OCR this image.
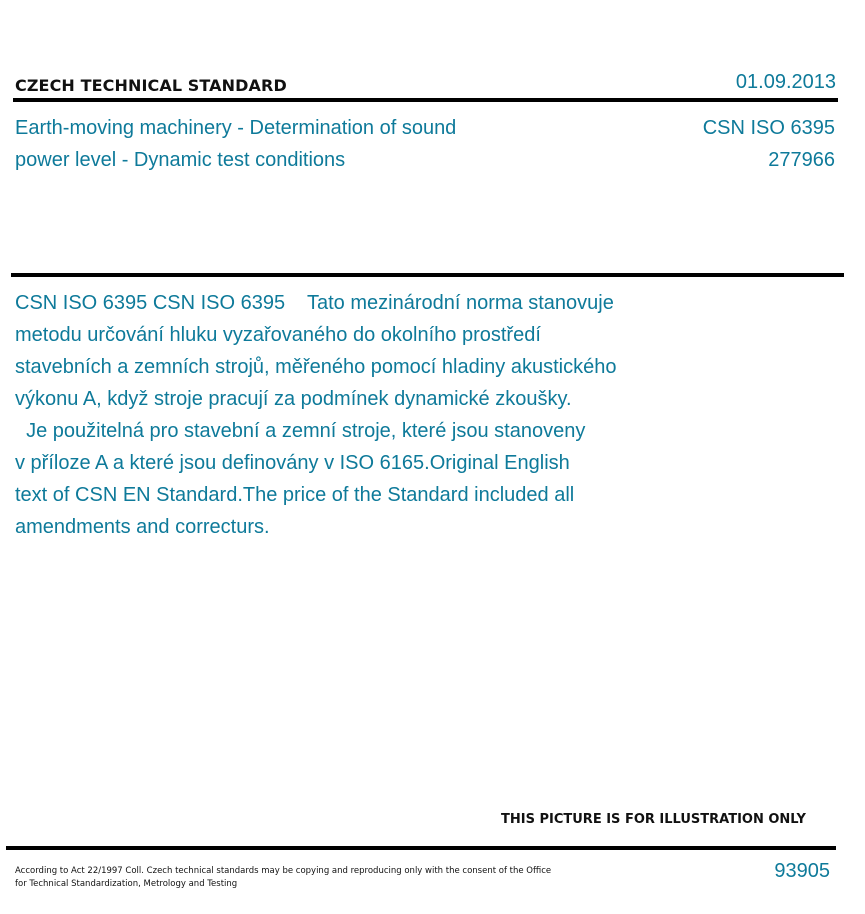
CZECH TECHNICAL STANDARD	01.09.2013
Earth-moving machinery - Determination of sound
power level - Dynamic test conditions
CSN ISO 6395
277966
CSN ISO 6395 CSN ISO 6395    Tato mezinárodní norma stanovuje
metodu určování hluku vyzařovaného do okolního prostředí
stavebních a zemních strojů, měřeného pomocí hladiny akustického
výkonu A, když stroje pracují za podmínek dynamické zkoušky.
Je použitelná pro stavební a zemní stroje, které jsou stanoveny
v příloze A a které jsou definovány v ISO 6165.Original English
text of CSN EN Standard.The price of the Standard included all
amendments and correcturs.
THIS PICTURE IS FOR ILLUSTRATION ONLY
According to Act 22/1997 Coll. Czech technical standards may be copying and reproducing only with the consent of the Office
for Technical Standardization, Metrology and Testing
93905
